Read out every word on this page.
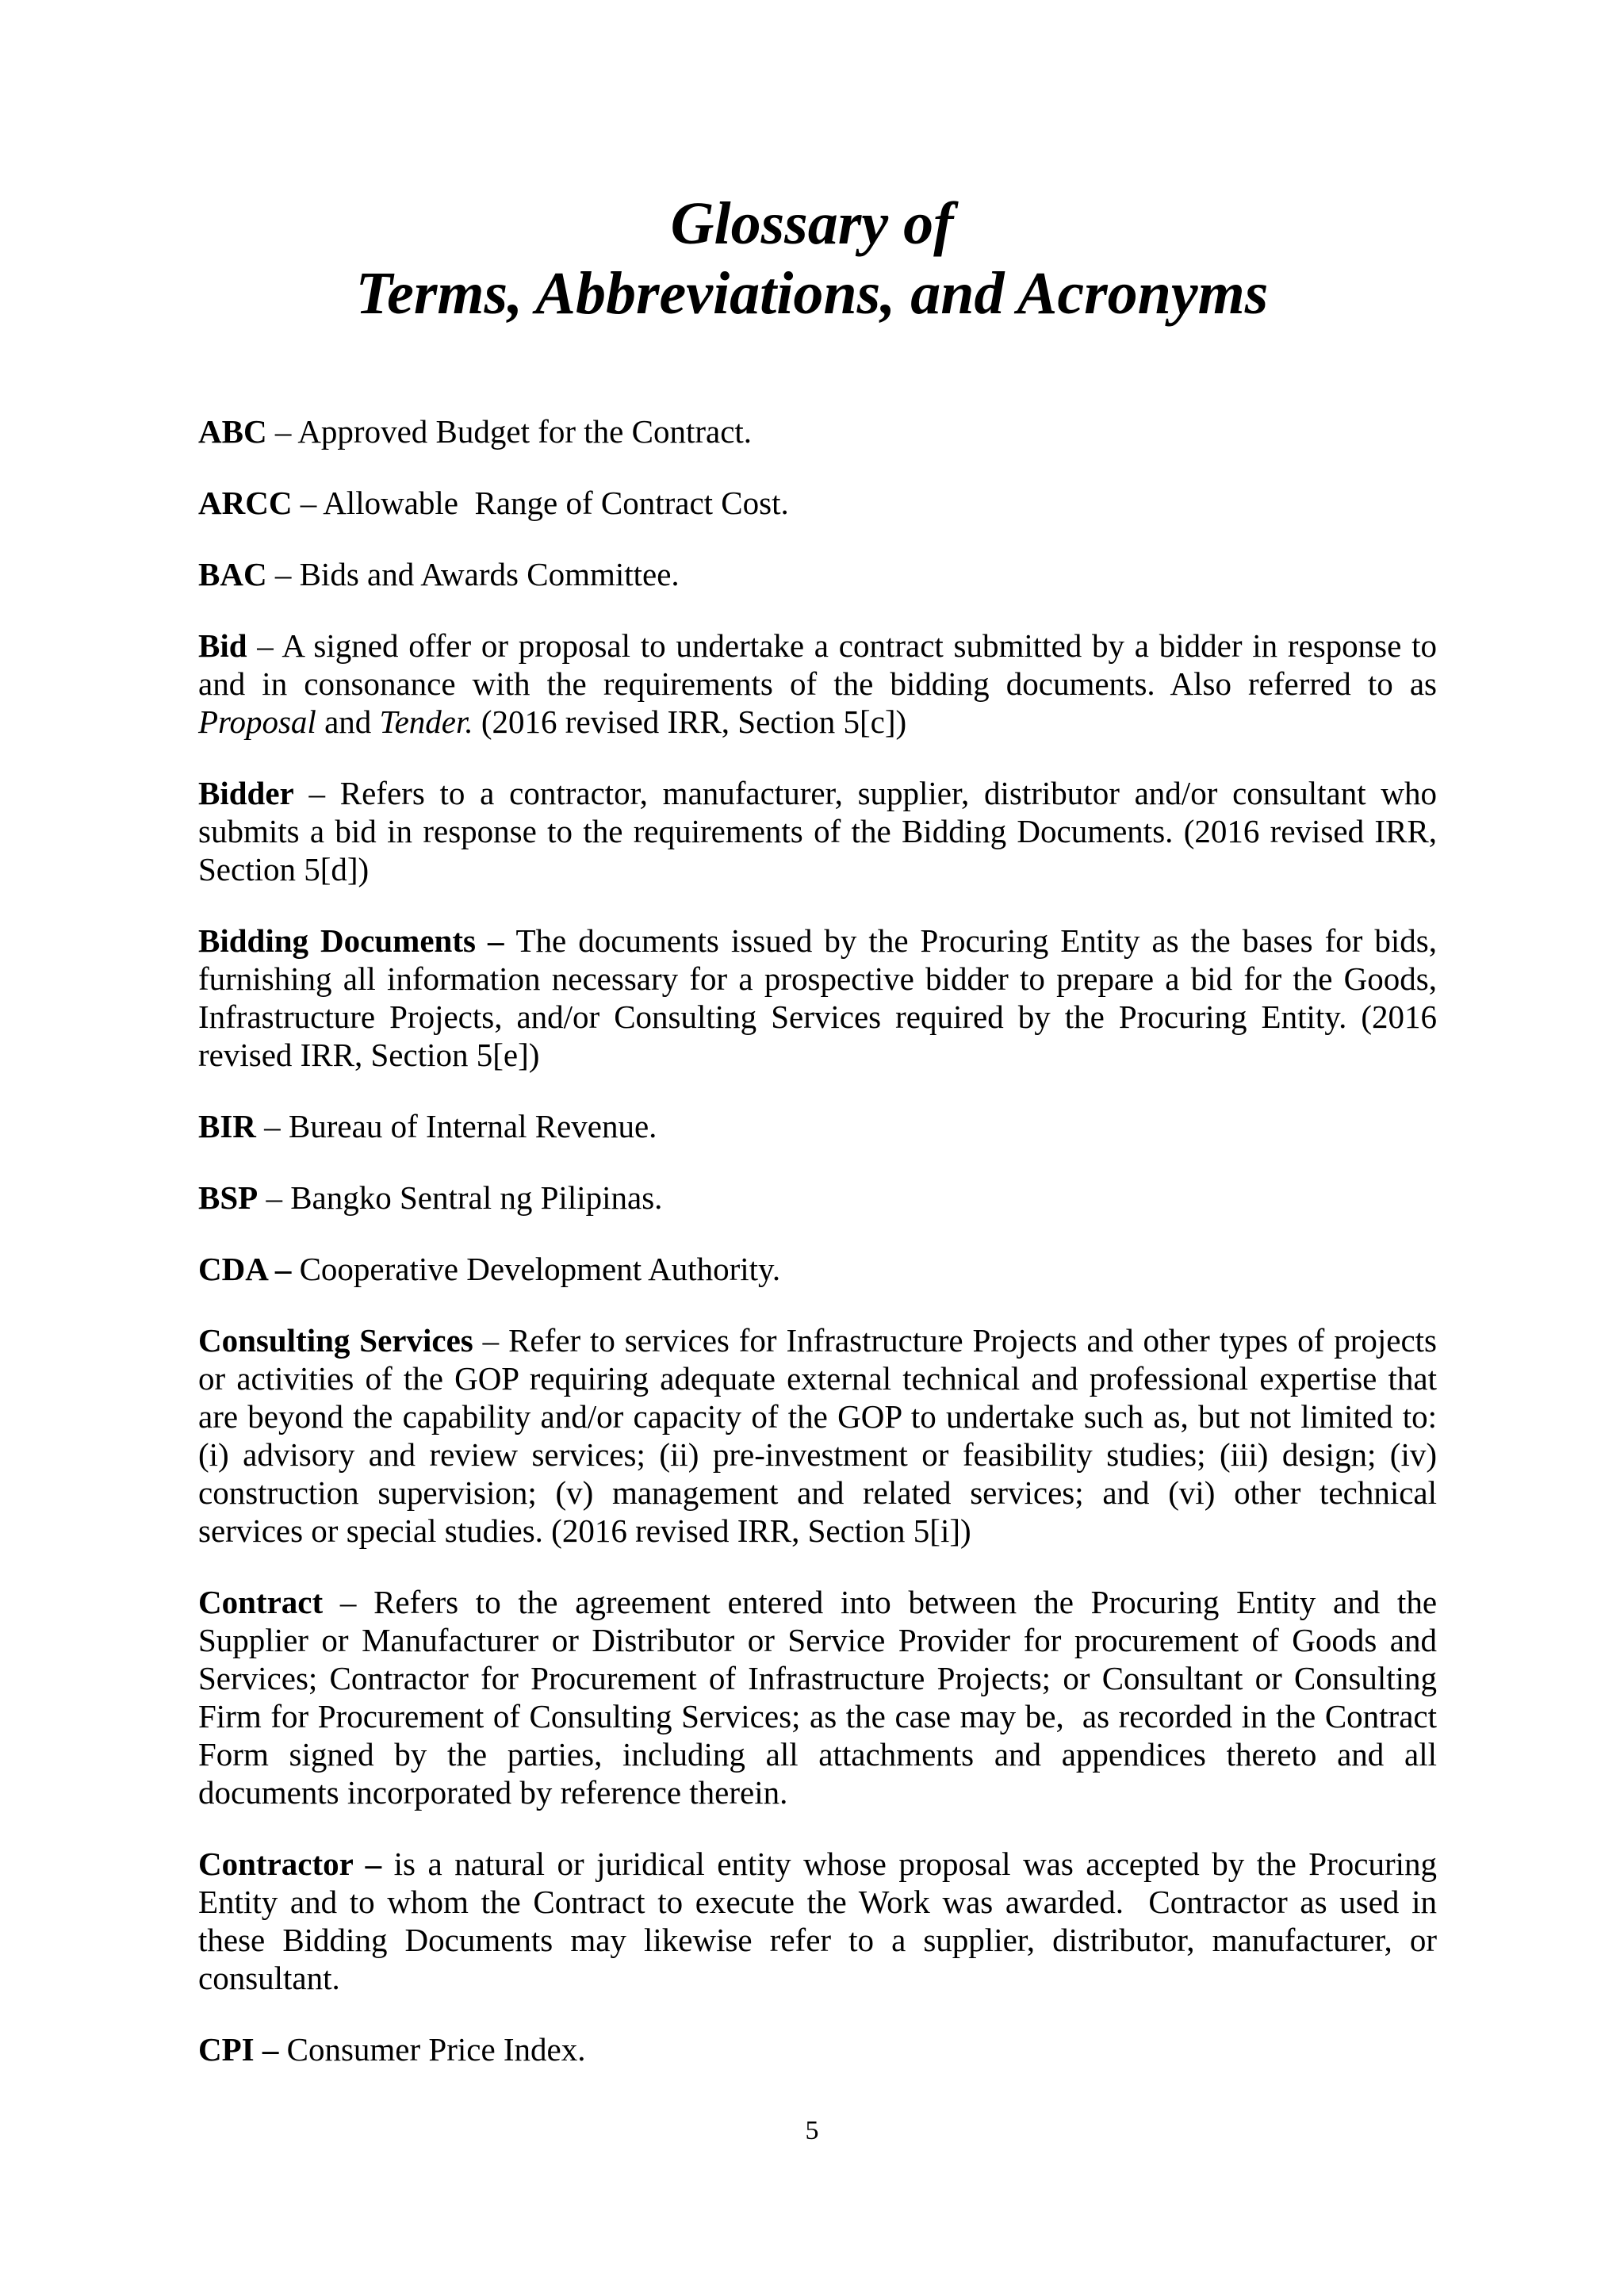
Glossary of
Terms, Abbreviations, and Acronyms

ABC – Approved Budget for the Contract.

ARCC – Allowable  Range of Contract Cost.

BAC – Bids and Awards Committee.

Bid – A signed offer or proposal to undertake a contract submitted by a bidder in response to and in consonance with the requirements of the bidding documents. Also referred to as Proposal and Tender. (2016 revised IRR, Section 5[c])

Bidder – Refers to a contractor, manufacturer, supplier, distributor and/or consultant who submits a bid in response to the requirements of the Bidding Documents. (2016 revised IRR, Section 5[d])

Bidding Documents – The documents issued by the Procuring Entity as the bases for bids, furnishing all information necessary for a prospective bidder to prepare a bid for the Goods, Infrastructure Projects, and/or Consulting Services required by the Procuring Entity. (2016 revised IRR, Section 5[e])

BIR – Bureau of Internal Revenue.

BSP – Bangko Sentral ng Pilipinas.

CDA – Cooperative Development Authority.

Consulting Services – Refer to services for Infrastructure Projects and other types of projects or activities of the GOP requiring adequate external technical and professional expertise that are beyond the capability and/or capacity of the GOP to undertake such as, but not limited to: (i) advisory and review services; (ii) pre-investment or feasibility studies; (iii) design; (iv) construction supervision; (v) management and related services; and (vi) other technical services or special studies. (2016 revised IRR, Section 5[i])

Contract – Refers to the agreement entered into between the Procuring Entity and the Supplier or Manufacturer or Distributor or Service Provider for procurement of Goods and Services; Contractor for Procurement of Infrastructure Projects; or Consultant or Consulting Firm for Procurement of Consulting Services; as the case may be,  as recorded in the Contract Form signed by the parties, including all attachments and appendices thereto and all documents incorporated by reference therein.

Contractor – is a natural or juridical entity whose proposal was accepted by the Procuring Entity and to whom the Contract to execute the Work was awarded.  Contractor as used in these Bidding Documents may likewise refer to a supplier, distributor, manufacturer, or consultant.

CPI – Consumer Price Index.

5
